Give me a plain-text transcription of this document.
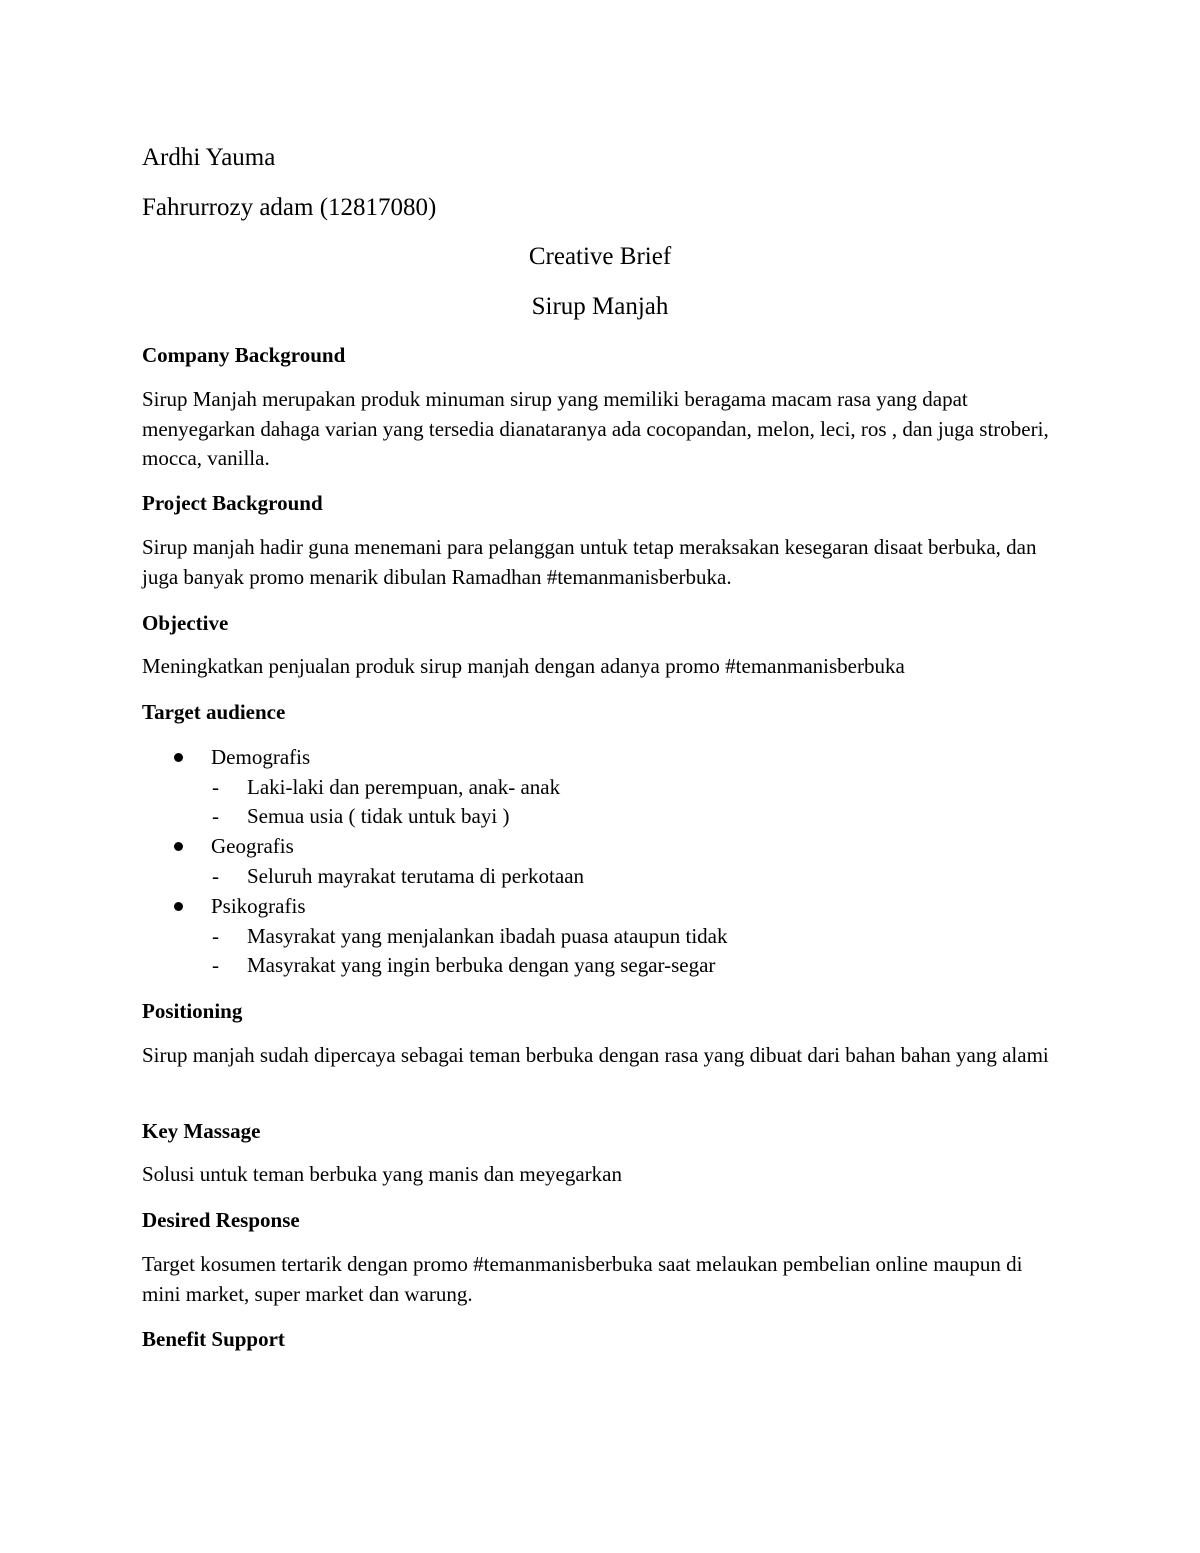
Ardhi Yauma
Fahrurrozy adam (12817080)
Creative Brief
Sirup Manjah
Company Background
Sirup Manjah merupakan produk minuman sirup yang memiliki beragama macam rasa yang dapat menyegarkan dahaga varian yang tersedia dianataranya ada cocopandan, melon, leci, ros , dan juga stroberi, mocca, vanilla.
Project Background
Sirup manjah hadir guna menemani para pelanggan untuk tetap meraksakan kesegaran disaat berbuka, dan juga banyak promo menarik dibulan Ramadhan #temanmanisberbuka.
Objective
Meningkatkan penjualan produk sirup manjah dengan adanya promo #temanmanisberbuka
Target audience
Demografis
- Laki-laki dan perempuan, anak- anak
- Semua usia ( tidak untuk bayi )
Geografis
- Seluruh mayrakat terutama di perkotaan
Psikografis
- Masyrakat yang menjalankan ibadah puasa ataupun tidak
- Masyrakat yang ingin berbuka dengan yang segar-segar
Positioning
Sirup manjah sudah dipercaya sebagai teman berbuka dengan rasa yang dibuat dari bahan bahan yang alami
Key Massage
Solusi untuk teman berbuka yang manis dan meyegarkan
Desired Response
Target kosumen tertarik dengan promo #temanmanisberbuka saat melaukan pembelian online maupun di mini market, super market dan warung.
Benefit Support
